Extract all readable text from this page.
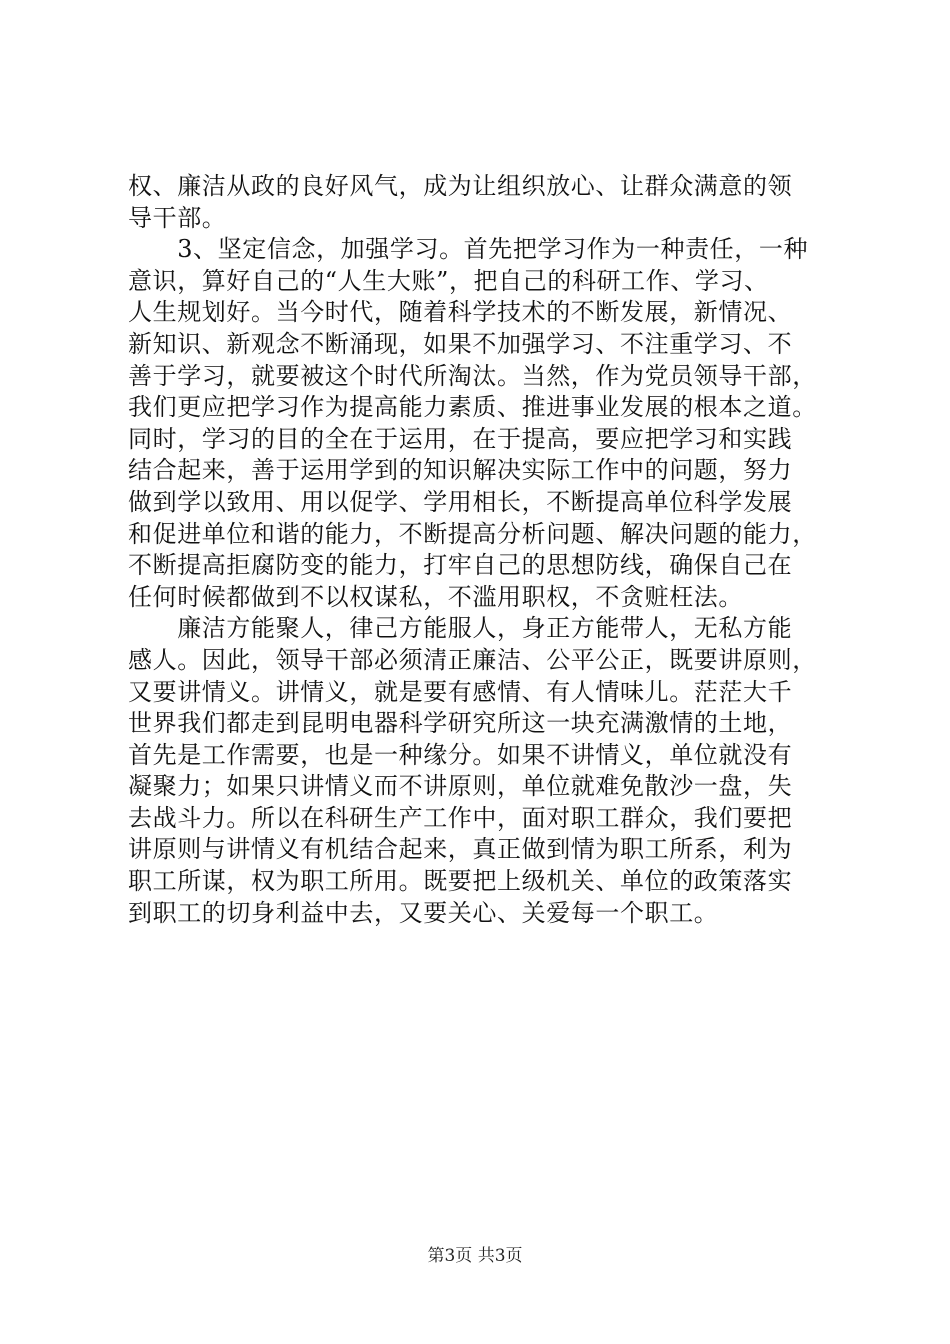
权、廉洁从政的良好风气，成为让组织放心、让群众满意的领
导干部。
　　3、坚定信念，加强学习。首先把学习作为一种责任，一种
意识，算好自己的“人生大账”，把自己的科研工作、学习、
人生规划好。当今时代，随着科学技术的不断发展，新情况、
新知识、新观念不断涌现，如果不加强学习、不注重学习、不
善于学习，就要被这个时代所淘汰。当然，作为党员领导干部，
我们更应把学习作为提高能力素质、推进事业发展的根本之道。
同时，学习的目的全在于运用，在于提高，要应把学习和实践
结合起来，善于运用学到的知识解决实际工作中的问题，努力
做到学以致用、用以促学、学用相长，不断提高单位科学发展
和促进单位和谐的能力，不断提高分析问题、解决问题的能力，
不断提高拒腐防变的能力，打牢自己的思想防线，确保自己在
任何时候都做到不以权谋私，不滥用职权，不贪赃枉法。
　　廉洁方能聚人，律己方能服人，身正方能带人，无私方能
感人。因此，领导干部必须清正廉洁、公平公正，既要讲原则，
又要讲情义。讲情义，就是要有感情、有人情味儿。茫茫大千
世界我们都走到昆明电器科学研究所这一块充满激情的土地，
首先是工作需要，也是一种缘分。如果不讲情义，单位就没有
凝聚力；如果只讲情义而不讲原则，单位就难免散沙一盘，失
去战斗力。所以在科研生产工作中，面对职工群众，我们要把
讲原则与讲情义有机结合起来，真正做到情为职工所系，利为
职工所谋，权为职工所用。既要把上级机关、单位的政策落实
到职工的切身利益中去，又要关心、关爱每一个职工。
第3页 共3页
